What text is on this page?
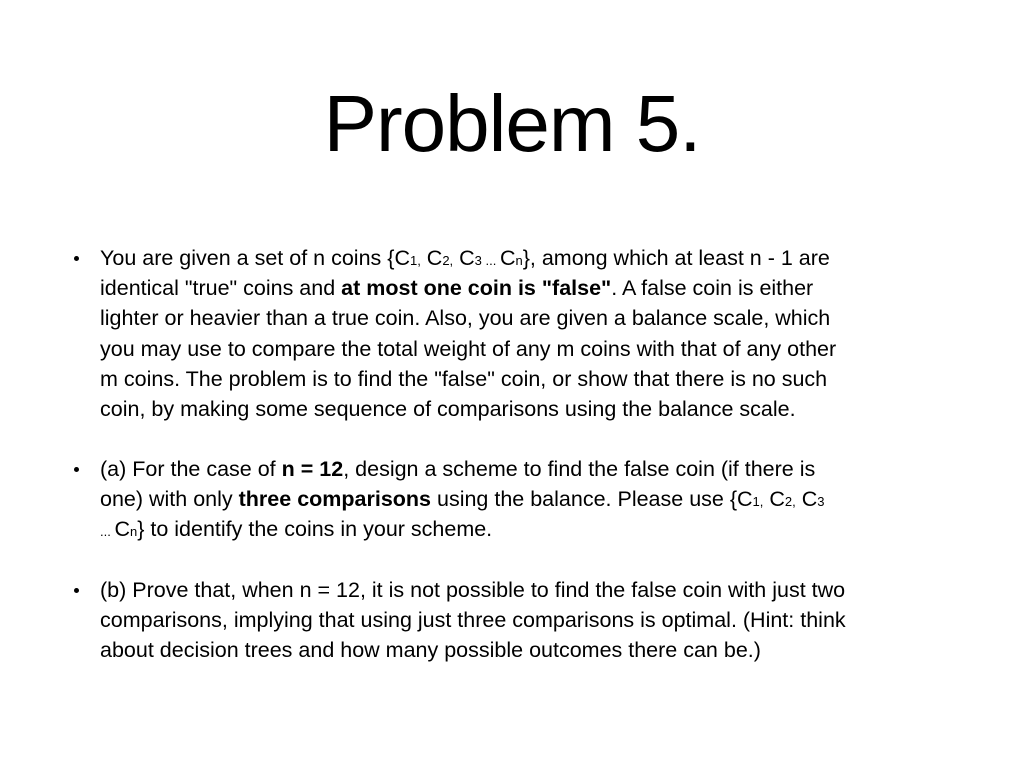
Problem 5.
You are given a set of n coins {C1, C2, C3 ... Cn}, among which at least n - 1 are
identical "true" coins and at most one coin is "false". A false coin is either
lighter or heavier than a true coin. Also, you are given a balance scale, which
you may use to compare the total weight of any m coins with that of any other
m coins. The problem is to find the "false" coin, or show that there is no such
coin, by making some sequence of comparisons using the balance scale.
(a) For the case of n = 12, design a scheme to find the false coin (if there is
one) with only three comparisons using the balance. Please use {C1, C2, C3
... Cn} to identify the coins in your scheme.
(b) Prove that, when n = 12, it is not possible to find the false coin with just two
comparisons, implying that using just three comparisons is optimal. (Hint: think
about decision trees and how many possible outcomes there can be.)
